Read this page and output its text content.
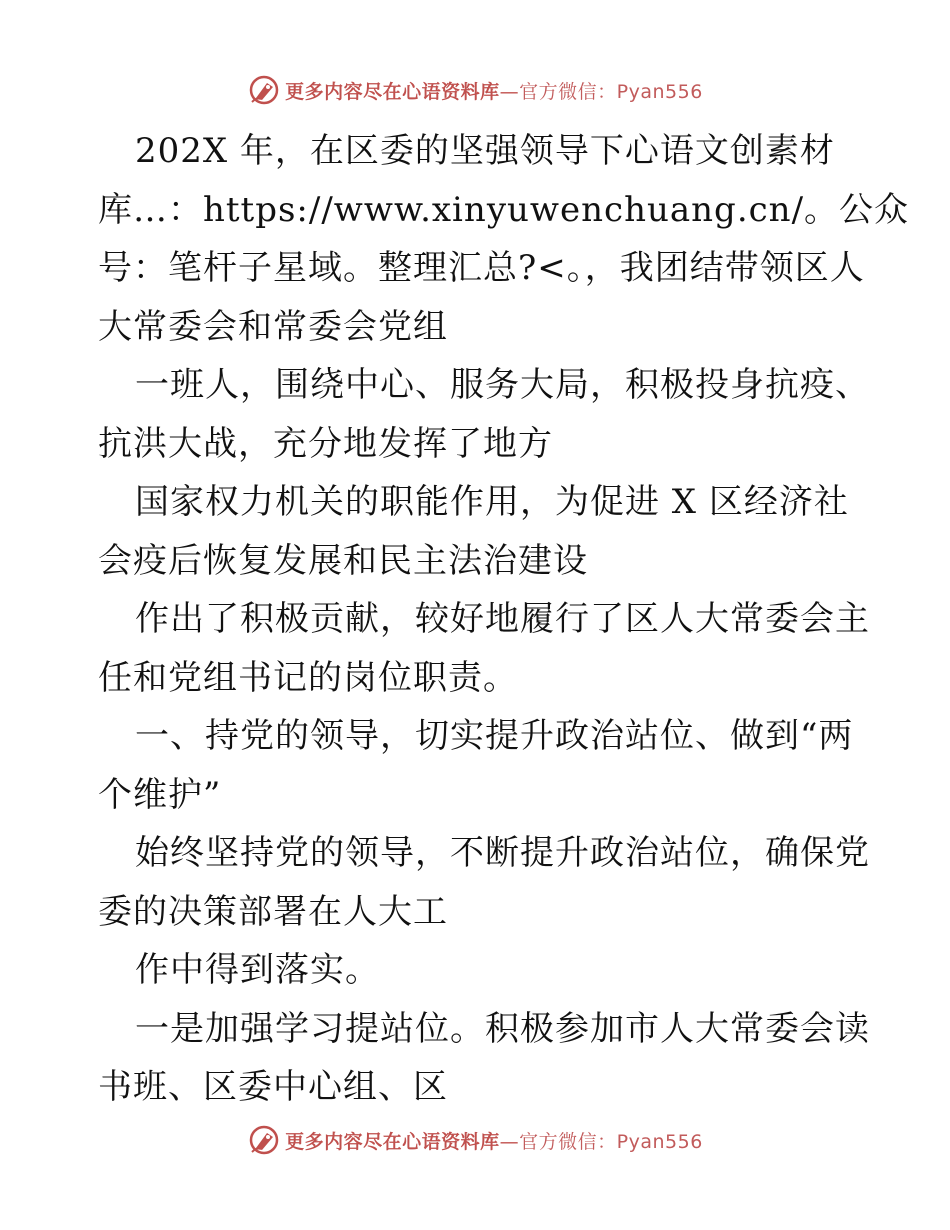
更多内容尽在心语资料库—官方微信：Pyan556
202X 年，在区委的坚强领导下心语文创素材
库…：https://www.xinyuwenchuang.cn/。公众
号：笔杆子星域。整理汇总?<。，我团结带领区人
大常委会和常委会党组
一班人，围绕中心、服务大局，积极投身抗疫、
抗洪大战，充分地发挥了地方
国家权力机关的职能作用，为促进 X 区经济社
会疫后恢复发展和民主法治建设
作出了积极贡献，较好地履行了区人大常委会主
任和党组书记的岗位职责。
一、持党的领导，切实提升政治站位、做到“两
个维护”
始终坚持党的领导，不断提升政治站位，确保党
委的决策部署在人大工
作中得到落实。
一是加强学习提站位。积极参加市人大常委会读
书班、区委中心组、区
更多内容尽在心语资料库—官方微信：Pyan556
